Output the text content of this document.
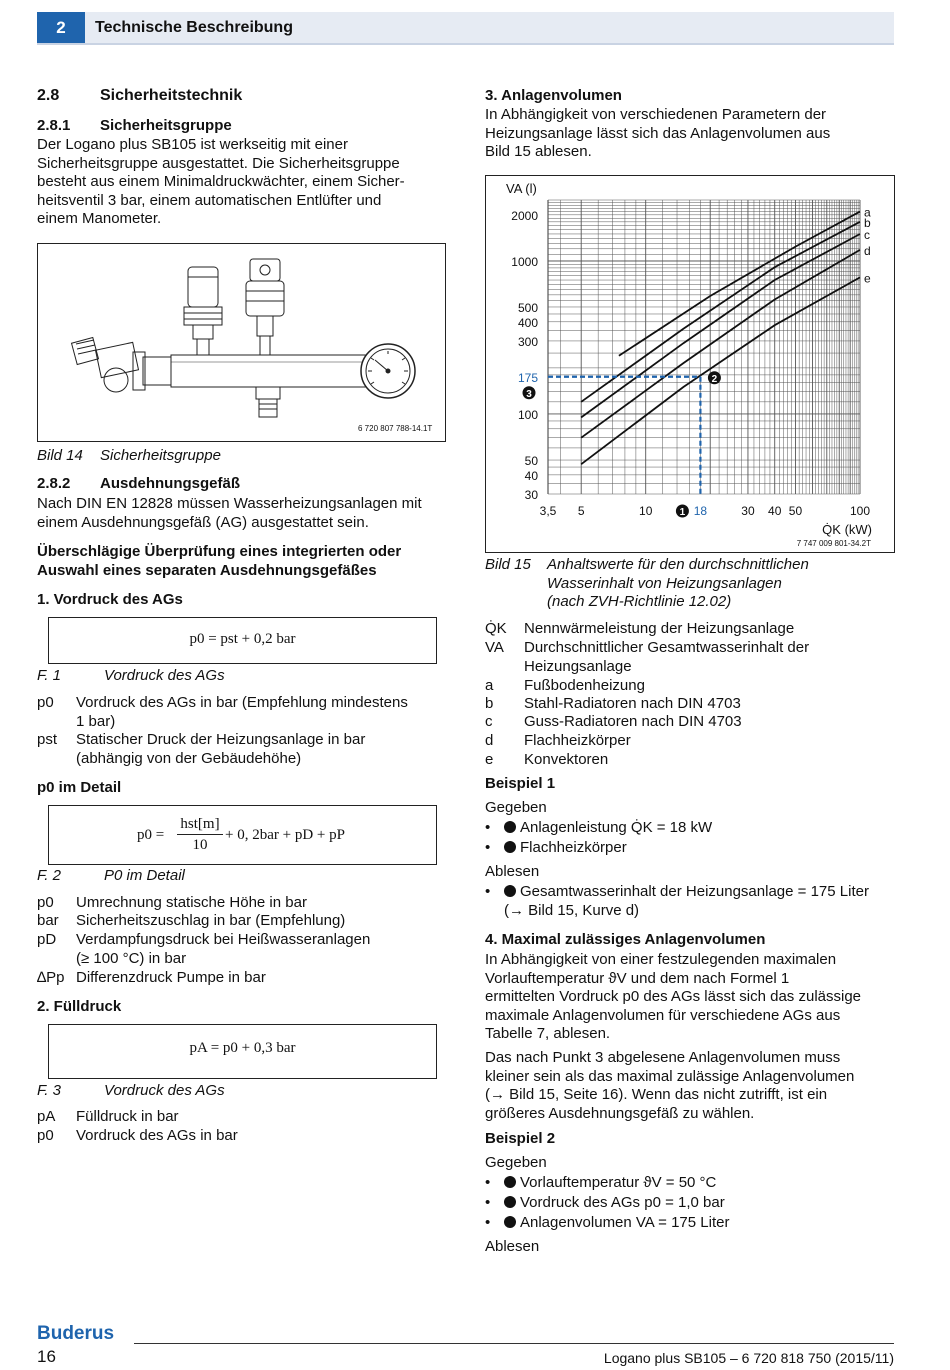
2	Technische Beschreibung
2.8	Sicherheitstechnik
2.8.1 Sicherheitsgruppe
Der Logano plus SB105 ist werkseitig mit einer
Sicherheitsgruppe ausgestattet. Die Sicherheitsgruppe
besteht aus einem Minimaldruckwächter, einem Sicher-
heitsventil 3 bar, einem automatischen Entlüfter und
einem Manometer.
6 720 807 788-14.1T
Bild 14 Sicherheitsgruppe
2.8.2 Ausdehnungsgefäß
Nach DIN EN 12828 müssen Wasserheizungsanlagen mit
einem Ausdehnungsgefäß (AG) ausgestattet sein.
Überschlägige Überprüfung eines integrierten oder
Auswahl eines separaten Ausdehnungsgefäßes
1. Vordruck des AGs
p0 = pst + 0,2 bar
F. 1	Vordruck des AGs
p0 Vordruck des AGs in bar (Empfehlung mindestens
1 bar)
pst Statischer Druck der Heizungsanlage in bar
(abhängig von der Gebäudehöhe)
p0 im Detail
p0 =
hst[m]
10
+ 0, 2bar + pD + pP
F. 2	P0 im Detail
p0 Umrechnung statische Höhe in bar
bar Sicherheitszuschlag in bar (Empfehlung)
pD Verdampfungsdruck bei Heißwasseranlagen
(≥ 100 °C) in bar
∆Pp Differenzdruck Pumpe in bar
2. Fülldruck
pA = p0 + 0,3 bar
F. 3	Vordruck des AGs
pA Fülldruck in bar
p0 Vordruck des AGs in bar
3. Anlagenvolumen
In Abhängigkeit von verschiedenen Parametern der
Heizungsanlage lässt sich das Anlagenvolumen aus
Bild 15 ablesen.
a
b
c
d
e
30
40
50
100
175
300
400
500
1000
2000
3,5 5	10	18	30 40 50	100
VA (l)
Q̇K (kW)
2
3
1
7 747 009 801-34.2T
Bild 15 Anhaltswerte für den durchschnittlichen
Wasserinhalt von Heizungsanlagen
(nach ZVH-Richtlinie 12.02)
Q̇K Nennwärmeleistung der Heizungsanlage
VA Durchschnittlicher Gesamtwasserinhalt der
Heizungsanlage
a Fußbodenheizung
b Stahl-Radiatoren nach DIN 4703
c Guss-Radiatoren nach DIN 4703
d Flachheizkörper
e Konvektoren
Beispiel 1
Gegeben
•	Anlagenleistung Q̇K = 18 kW
•	Flachheizkörper
Ablesen
•	Gesamtwasserinhalt der Heizungsanlage = 175 Liter
(→ Bild 15, Kurve d)
4. Maximal zulässiges Anlagenvolumen
In Abhängigkeit von einer festzulegenden maximalen
Vorlauftemperatur ϑV und dem nach Formel 1
ermittelten Vordruck p0 des AGs lässt sich das zulässige
maximale Anlagenvolumen für verschiedene AGs aus
Tabelle 7, ablesen.
Das nach Punkt 3 abgelesene Anlagenvolumen muss
kleiner sein als das maximal zulässige Anlagenvolumen
(→ Bild 15, Seite 16). Wenn das nicht zutrifft, ist ein
größeres Ausdehnungsgefäß zu wählen.
Beispiel 2
Gegeben
•	Vorlauftemperatur ϑV = 50 °C
•	Vordruck des AGs p0 = 1,0 bar
•	Anlagenvolumen VA = 175 Liter
Ablesen
Buderus
16	Logano plus SB105 – 6 720 818 750 (2015/11)
